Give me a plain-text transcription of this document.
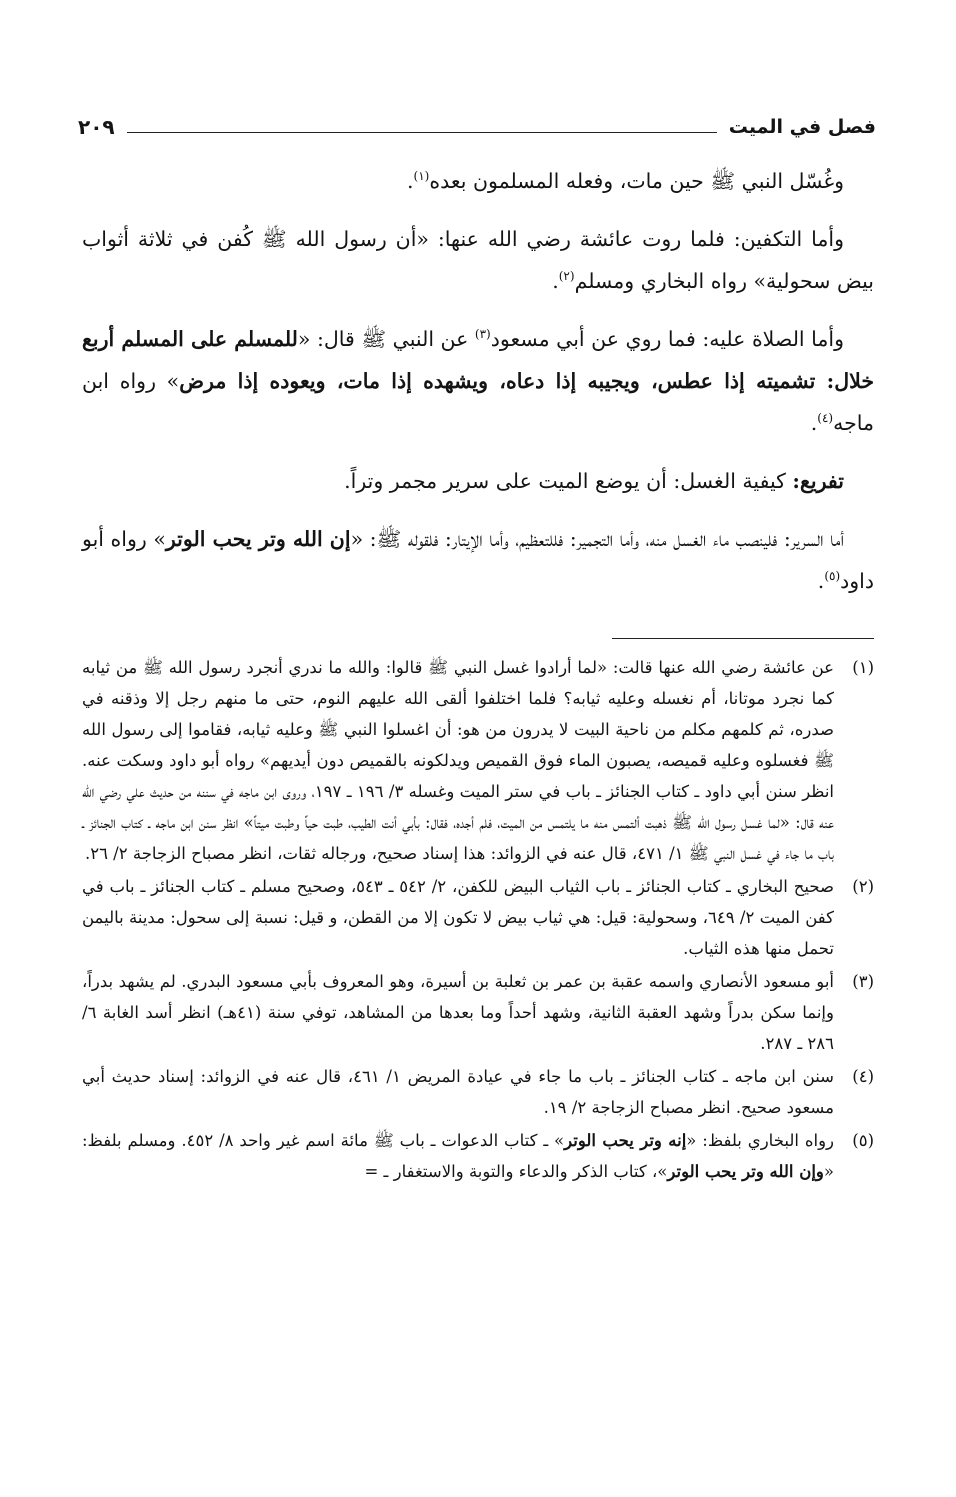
فصل في الميت
٢٠٩

وغُسّل النبي ﷺ حين مات، وفعله المسلمون بعده$^{(١)}$.

وأما التكفين: فلما روت عائشة رضي الله عنها: «أن رسول الله ﷺ كُفن في ثلاثة أثواب بيض سحولية» رواه البخاري ومسلم$^{(٢)}$.

وأما الصلاة عليه: فما روي عن أبي مسعود$^{(٣)}$ عن النبي ﷺ قال: «للمسلم على المسلم أربع خلال: تشميته إذا عطس، ويجيبه إذا دعاه، ويشهده إذا مات، ويعوده إذا مرض» رواه ابن ماجه$^{(٤)}$.

تفريع: كيفية الغسل: أن يوضع الميت على سرير مجمر وتراً.

أما السرير: فلينصب ماء الغسل منه، وأما التجمير: فللتعظيم، وأما الإيتار: فلقوله ﷺ: «إن الله وتر يحب الوتر» رواه أبو داود$^{(٥)}$.

(١)
عن عائشة رضي الله عنها قالت: «لما أرادوا غسل النبي ﷺ قالوا: والله ما ندري أنجرد رسول الله ﷺ من ثيابه كما نجرد موتانا، أم نغسله وعليه ثيابه؟ فلما اختلفوا ألقى الله عليهم النوم، حتى ما منهم رجل إلا وذقنه في صدره، ثم كلمهم مكلم من ناحية البيت لا يدرون من هو: أن اغسلوا النبي ﷺ وعليه ثيابه، فقاموا إلى رسول الله ﷺ فغسلوه وعليه قميصه، يصبون الماء فوق القميص ويدلكونه بالقميص دون أيديهم» رواه أبو داود وسكت عنه. انظر سنن أبي داود ـ كتاب الجنائز ـ باب في ستر الميت وغسله ٣/ ١٩٦ ـ ١٩٧، وروى ابن ماجه في سننه من حديث علي رضي الله عنه قال: «لما غسل رسول الله ﷺ ذهبت ألتمس منه ما يلتمس من الميت، فلم أجده، فقال: بأبي أنت الطيب، طبت حياً وطبت ميتاً» انظر سنن ابن ماجه ـ كتاب الجنائز ـ باب ما جاء في غسل النبي ﷺ ١/ ٤٧١، قال عنه في الزوائد: هذا إسناد صحيح، ورجاله ثقات، انظر مصباح الزجاجة ٢/ ٢٦.
(٢)
صحيح البخاري ـ كتاب الجنائز ـ باب الثياب البيض للكفن، ٢/ ٥٤٢ ـ ٥٤٣، وصحيح مسلم ـ كتاب الجنائز ـ باب في كفن الميت ٢/ ٦٤٩، وسحولية: قيل: هي ثياب بيض لا تكون إلا من القطن، و قيل: نسبة إلى سحول: مدينة باليمن تحمل منها هذه الثياب.
(٣)
أبو مسعود الأنصاري واسمه عقبة بن عمر بن ثعلبة بن أسيرة، وهو المعروف بأبي مسعود البدري. لم يشهد بدراً، وإنما سكن بدراً وشهد العقبة الثانية، وشهد أحداً وما بعدها من المشاهد، توفي سنة (٤١هـ) انظر أسد الغابة ٦/ ٢٨٦ ـ ٢٨٧.
(٤)
سنن ابن ماجه ـ كتاب الجنائز ـ باب ما جاء في عيادة المريض ١/ ٤٦١، قال عنه في الزوائد: إسناد حديث أبي مسعود صحيح. انظر مصباح الزجاجة ٢/ ١٩.
(٥)
رواه البخاري بلفظ: «إنه وتر يحب الوتر» ـ كتاب الدعوات ـ باب ﷺ مائة اسم غير واحد ٨/ ٤٥٢. ومسلم بلفظ: «وإن الله وتر يحب الوتر»، كتاب الذكر والدعاء والتوبة والاستغفار ـ =
